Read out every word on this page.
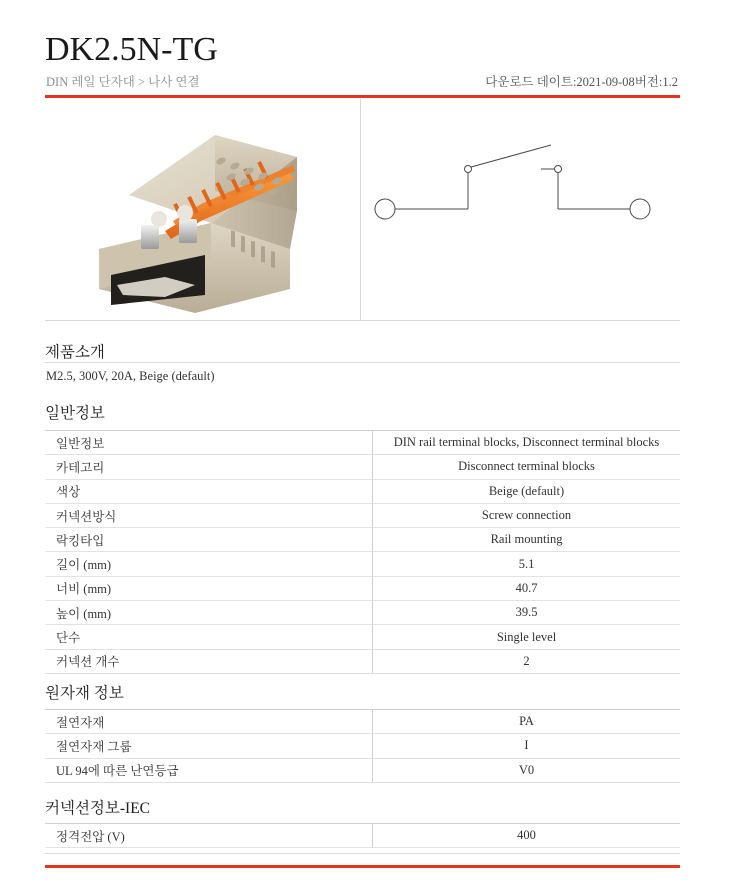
DK2.5N-TG
DIN 레일 단자대 > 나사 연결	다운로드 데이트:2021-09-08버전:1.2
제품소개
M2.5, 300V, 20A, Beige (default)
일반정보
일반정보	DIN rail terminal blocks, Disconnect terminal blocks
카테고리	Disconnect terminal blocks
색상	Beige (default)
커넥션방식	Screw connection
락킹타입	Rail mounting
길이 (mm)	5.1
너비 (mm)	40.7
높이 (mm)	39.5
단수	Single level
커넥션 개수	2
원자재 정보
절연자재	PA
절연자재 그룹	I
UL 94에 따른 난연등급	V0
커넥션정보-IEC
정격전압 (V)	400
